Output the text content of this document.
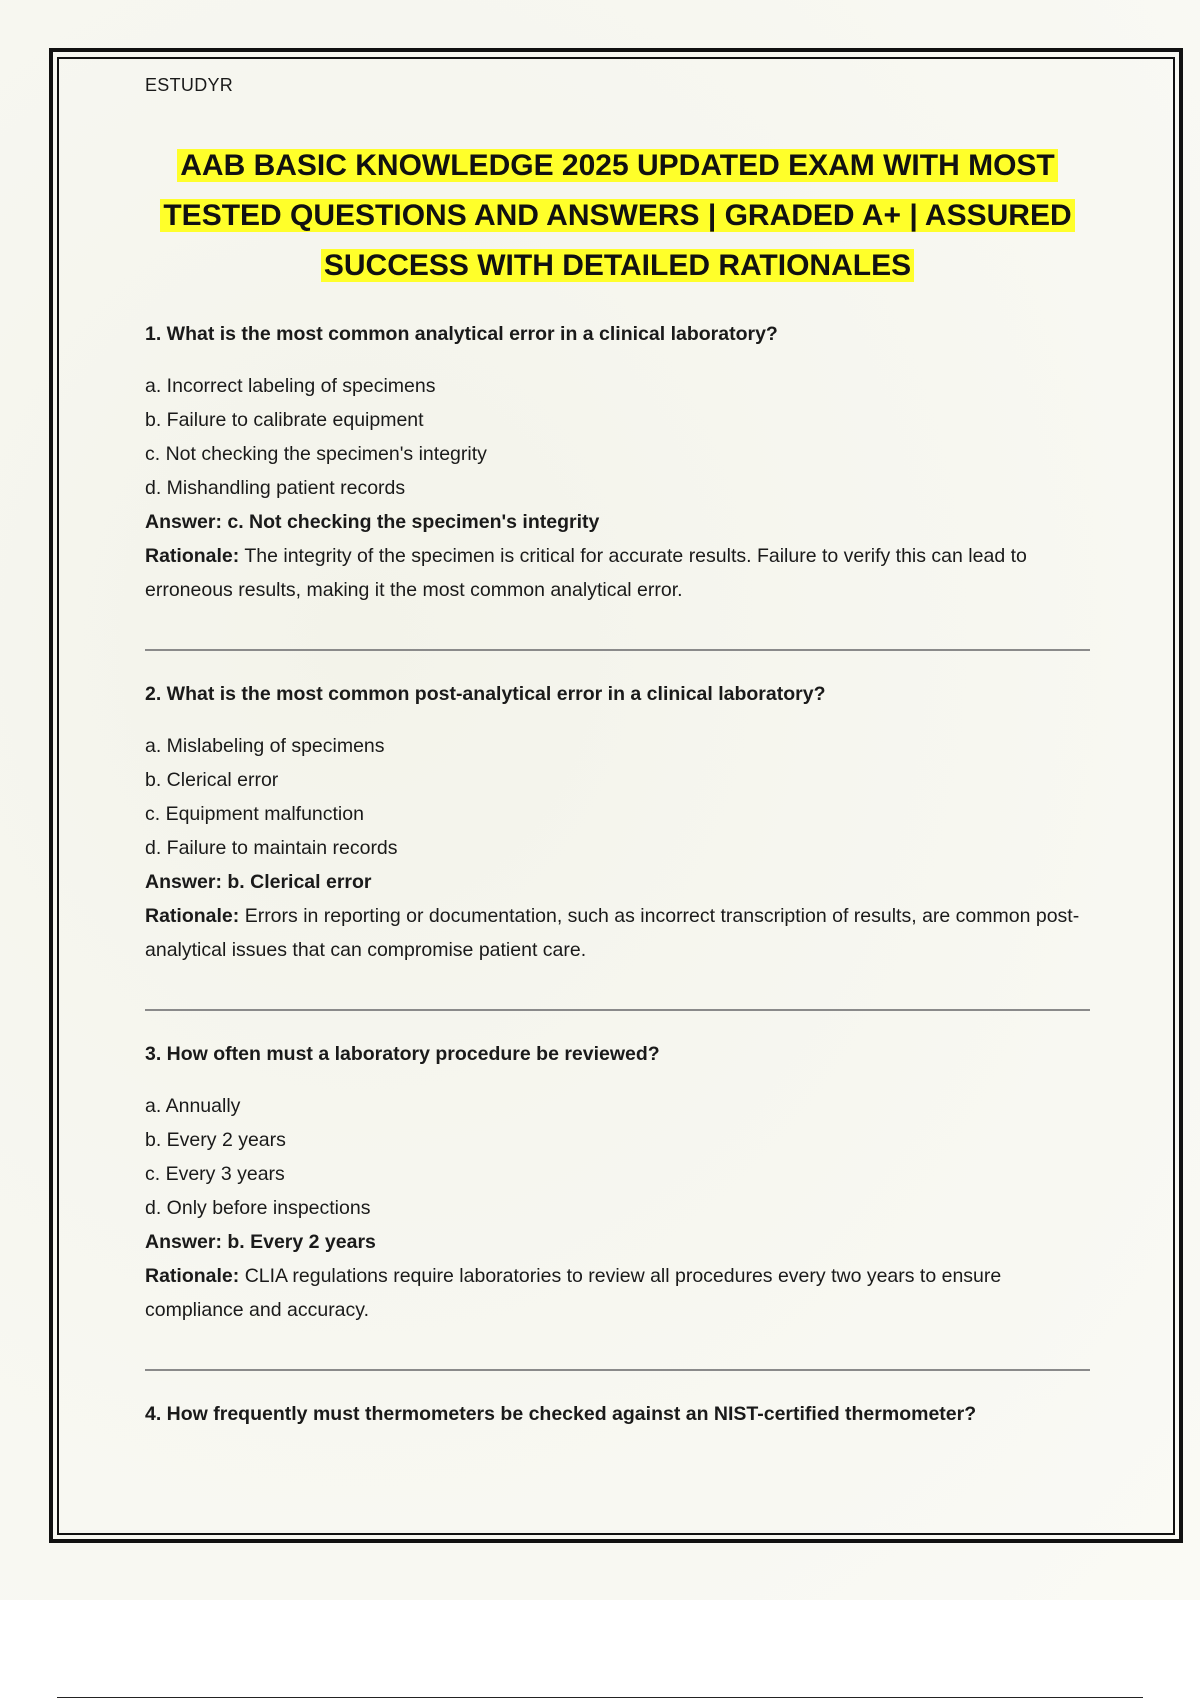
ESTUDYR
AAB BASIC KNOWLEDGE 2025 UPDATED EXAM WITH MOST
TESTED QUESTIONS AND ANSWERS | GRADED A+ | ASSURED
SUCCESS WITH DETAILED RATIONALES
1. What is the most common analytical error in a clinical laboratory?
a. Incorrect labeling of specimens
b. Failure to calibrate equipment
c. Not checking the specimen's integrity
d. Mishandling patient records
Answer: c. Not checking the specimen's integrity
Rationale: The integrity of the specimen is critical for accurate results. Failure to verify this can lead to erroneous results, making it the most common analytical error.
2. What is the most common post-analytical error in a clinical laboratory?
a. Mislabeling of specimens
b. Clerical error
c. Equipment malfunction
d. Failure to maintain records
Answer: b. Clerical error
Rationale: Errors in reporting or documentation, such as incorrect transcription of results, are common post-analytical issues that can compromise patient care.
3. How often must a laboratory procedure be reviewed?
a. Annually
b. Every 2 years
c. Every 3 years
d. Only before inspections
Answer: b. Every 2 years
Rationale: CLIA regulations require laboratories to review all procedures every two years to ensure compliance and accuracy.
4. How frequently must thermometers be checked against an NIST-certified thermometer?
